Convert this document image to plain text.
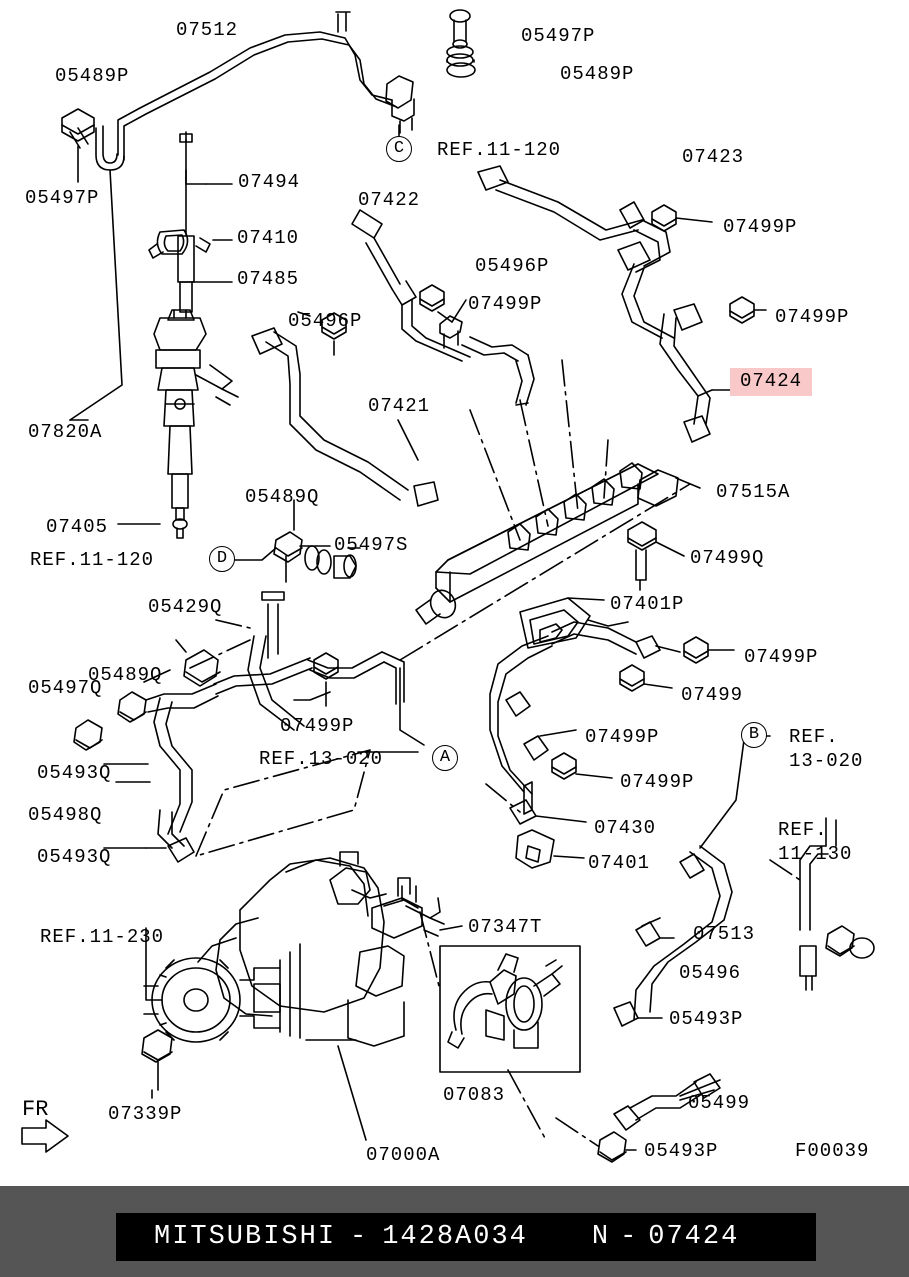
07512	05497P
05489P	05489P
REF.11-120	07423
05497P
07494
07422
07499P
07410
05496P
07485
07499P
05496P	07499P
07424
07421
07820A
07515A
05489Q
07405
05497S
07499Q
REF.11-120
07401P
05429Q
05489Q
07499P
05497Q	07499
07499P	07499P
REF.13-020
05493Q	07499P
05498Q
07430
05493Q	07401
REF.11-230	07347T	07513
05496
05493P
07339P
07083	05499
07000A	05493P
REF.
13-020
REF.
11-130
C
D
A
B
FR
F00039
MITSUBISHI - 1428A034	N - 07424
